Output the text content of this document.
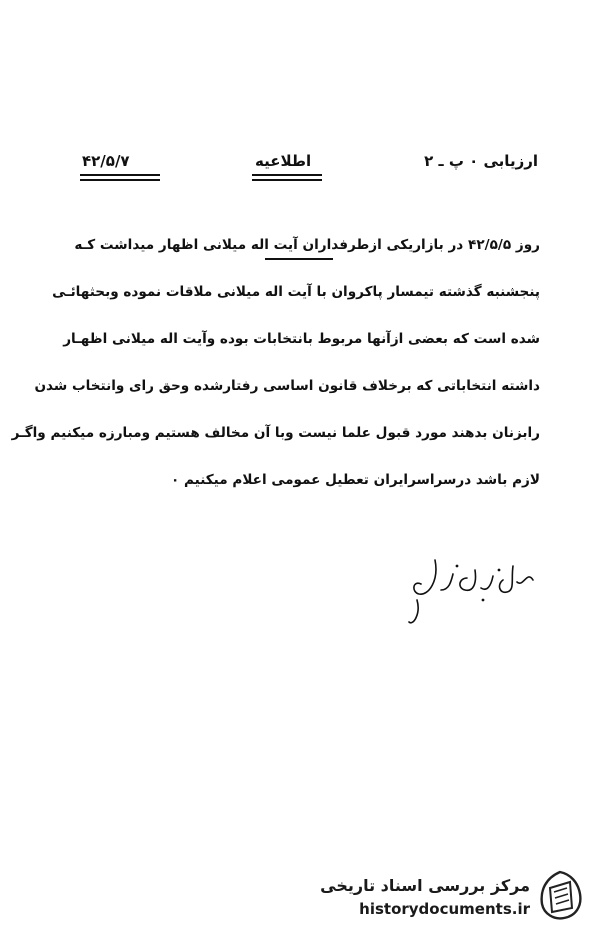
ارزیابی ۰ پ ـ ۲
اطلاعیه
۴۲/۵/۷
روز ۴۲/۵/۵ در بازاریکی ازطرفداران آیت اله میلانی اظهار میداشت کـه
پنجشنبه گذشته تیمسار پاکروان با آیت اله میلانی ملاقات نموده وبحثهائـی
شده است که بعضی ازآنها مربوط بانتخابات بوده وآیت اله میلانی اظهـار
داشته انتخاباتی که برخلاف قانون اساسی رفتارشده وحق رای وانتخاب شدن
رابزنان بدهند مورد قبول علما نیست وبا آن مخالف هستیم ومبارزه میکنیم واگـر
لازم باشد درسراسرایران تعطیل عمومی اعلام میکنیم ۰
مرکز بررسی اسناد تاریخی
historydocuments.ir
